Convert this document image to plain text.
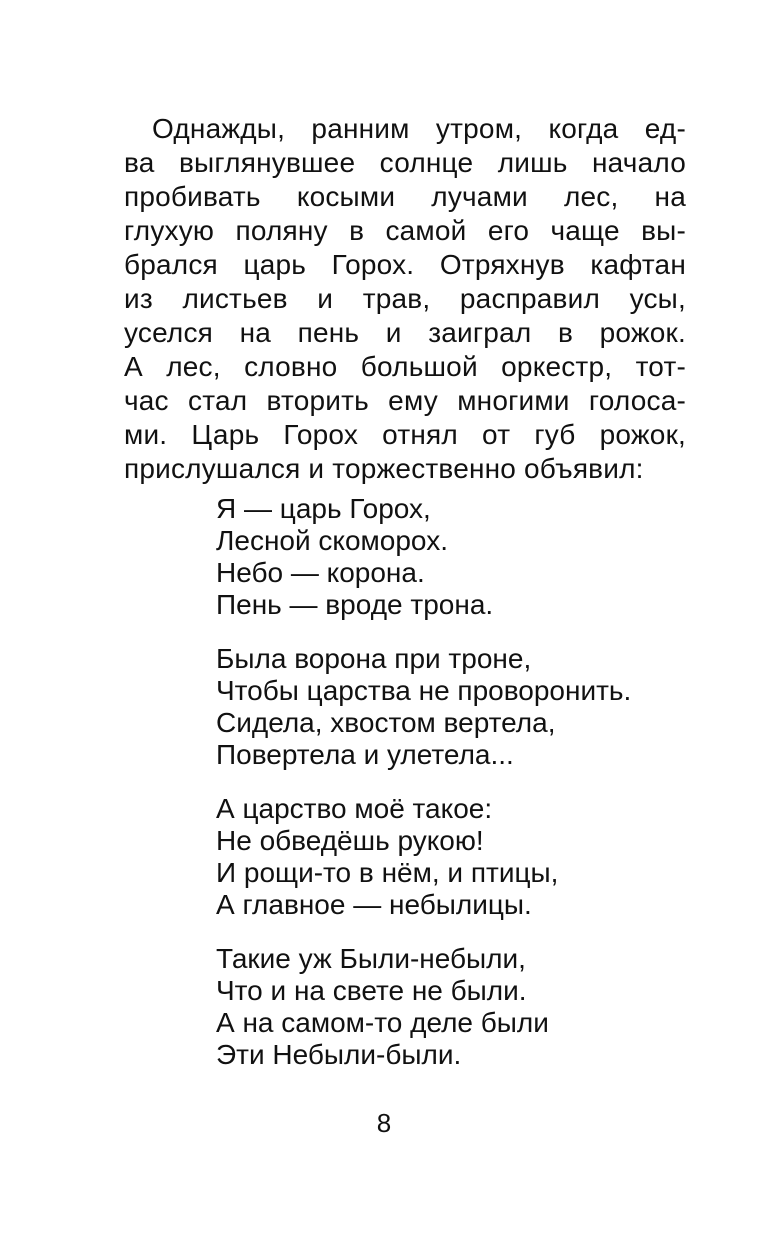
Однажды, ранним утром, когда ед-
ва выглянувшее солнце лишь начало
пробивать косыми лучами лес, на
глухую поляну в самой его чаще вы-
брался царь Горох. Отряхнув кафтан
из листьев и трав, расправил усы,
уселся на пень и заиграл в рожок.
А лес, словно большой оркестр, тот-
час стал вторить ему многими голоса-
ми. Царь Горох отнял от губ рожок,
прислушался и торжественно объявил:
Я — царь Горох,
Лесной скоморох.
Небо — корона.
Пень — вроде трона.
Была ворона при троне,
Чтобы царства не проворонить.
Сидела, хвостом вертела,
Повертела и улетела...
А царство моё такое:
Не обведёшь рукою!
И рощи-то в нём, и птицы,
А главное — небылицы.
Такие уж Были-небыли,
Что и на свете не были.
А на самом-то деле были
Эти Небыли-были.
8
